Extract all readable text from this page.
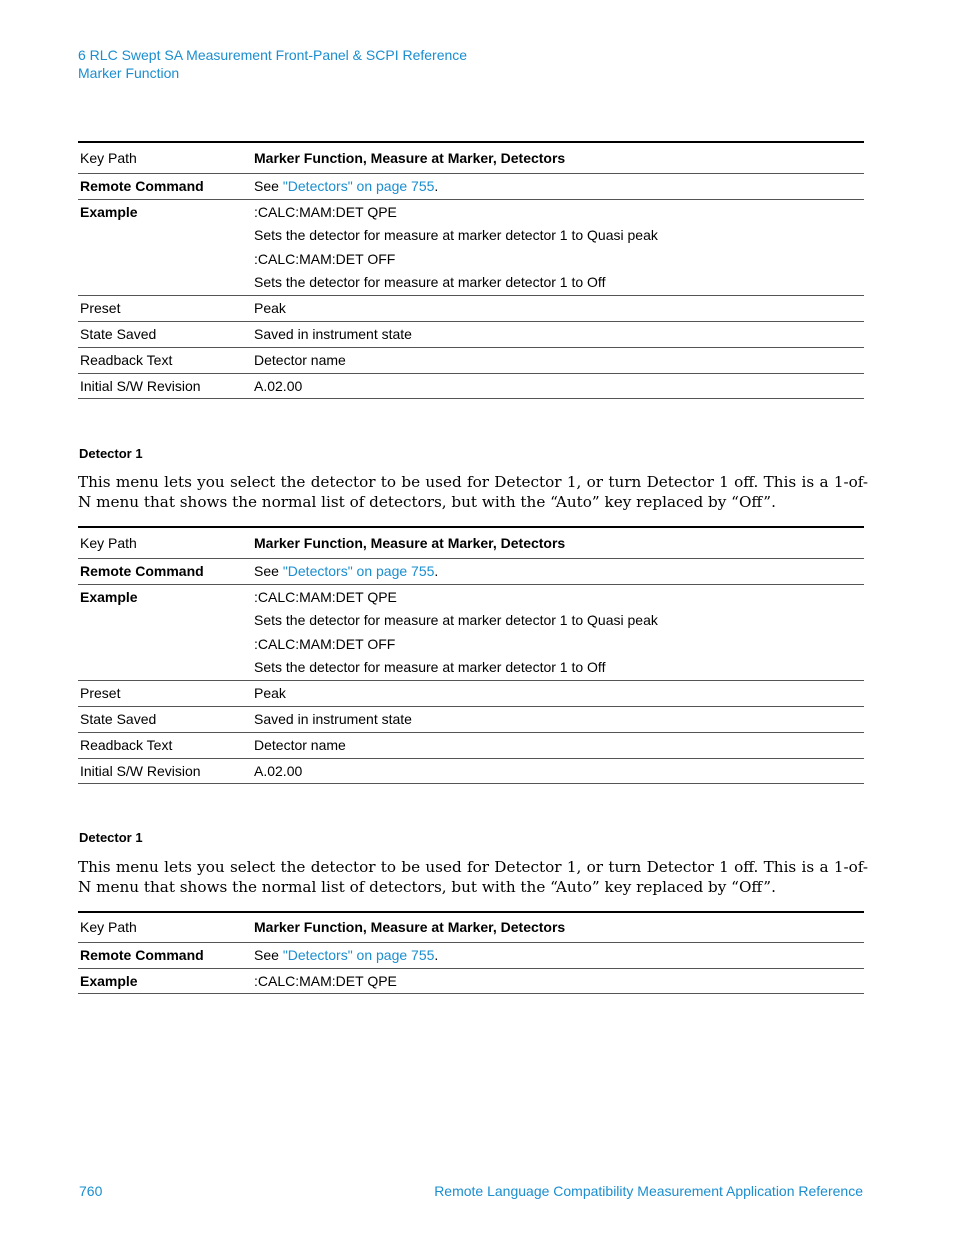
6 RLC Swept SA Measurement Front-Panel & SCPI Reference
Marker Function
Key Path	Marker Function, Measure at Marker, Detectors
Remote Command	See "Detectors" on page 755.

Example	:CALC:MAM:DET QPE
Sets the detector for measure at marker detector 1 to Quasi peak
:CALC:MAM:DET OFF
Sets the detector for measure at marker detector 1 to Off

Preset	Peak
State Saved	Saved in instrument state
Readback Text	Detector name
Initial S/W Revision	A.02.00
Detector 1
This menu lets you select the detector to be used for Detector 1, or turn Detector 1 off. This is a 1-of-N menu that shows the normal list of detectors, but with the “Auto” key replaced by “Off”.
Key Path	Marker Function, Measure at Marker, Detectors
Remote Command	See "Detectors" on page 755.

Example	:CALC:MAM:DET QPE
Sets the detector for measure at marker detector 1 to Quasi peak
:CALC:MAM:DET OFF
Sets the detector for measure at marker detector 1 to Off

Preset	Peak
State Saved	Saved in instrument state
Readback Text	Detector name
Initial S/W Revision	A.02.00
Detector 1
This menu lets you select the detector to be used for Detector 1, or turn Detector 1 off. This is a 1-of-N menu that shows the normal list of detectors, but with the “Auto” key replaced by “Off”.
Key Path	Marker Function, Measure at Marker, Detectors
Remote Command	See "Detectors" on page 755.
Example	:CALC:MAM:DET QPE
760	Remote Language Compatibility Measurement Application Reference
